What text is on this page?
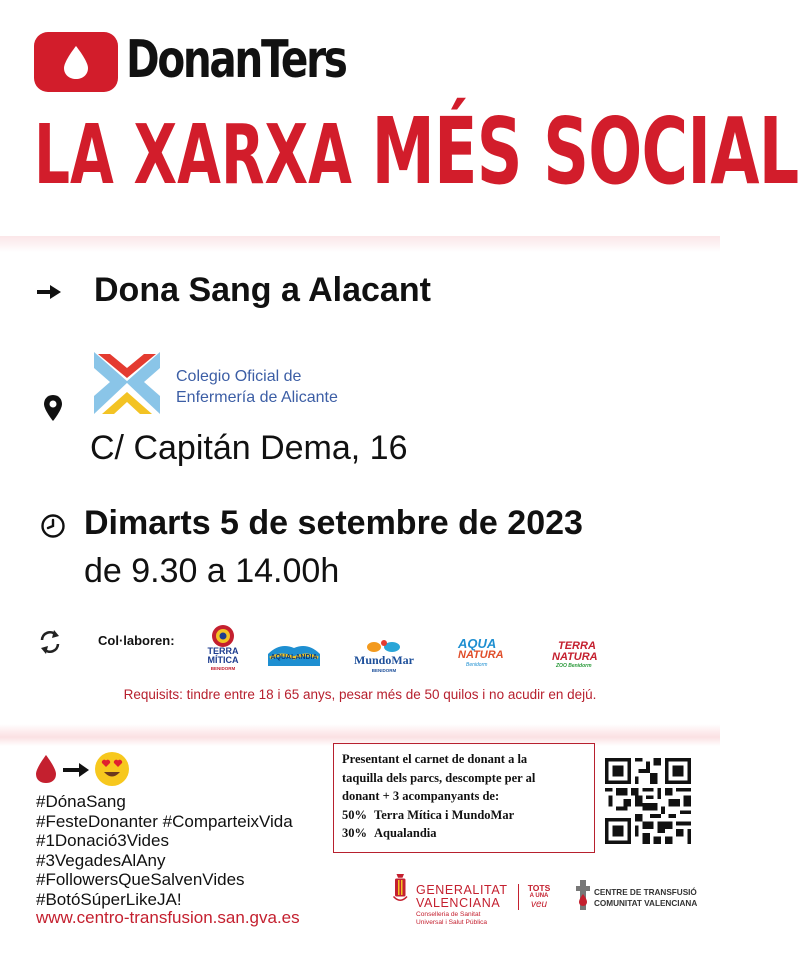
DonanTers
LA XARXA MÉS SOCIAL
Dona Sang a Alacant
Colegio Oficial de
Enfermería de Alicante
C/ Capitán Dema, 16
Dimarts 5 de setembre de 2023
de 9.30 a 14.00h
Col·laboren:
TERRA
MÍTICA
BENIDORM
AQUALANDIA	MundoMar
BENIDORM
AQUA
NATURA
Benidorm
TERRA
NATURA
ZOO Benidorm
Requisits: tindre entre 18 i 65 anys, pesar més de 50 quilos i no acudir en dejú.
#DónaSang
#FesteDonanter #ComparteixVida
#1Donació3Vides
#3VegadesAlAny
#FollowersQueSalvenVides
#BotóSúperLikeJA!
www.centro-transfusion.san.gva.es
Presentant el carnet de donant a la
taquilla dels parcs, descompte per al
donant + 3 acompanyants de:
50% Terra Mítica i MundoMar
30% Aqualandia
GENERALITAT
VALENCIANA
Conselleria de Sanitat
Universal i Salut Pública
TOTS
A UNA
veu
CENTRE DE TRANSFUSIÓ
COMUNITAT VALENCIANA
